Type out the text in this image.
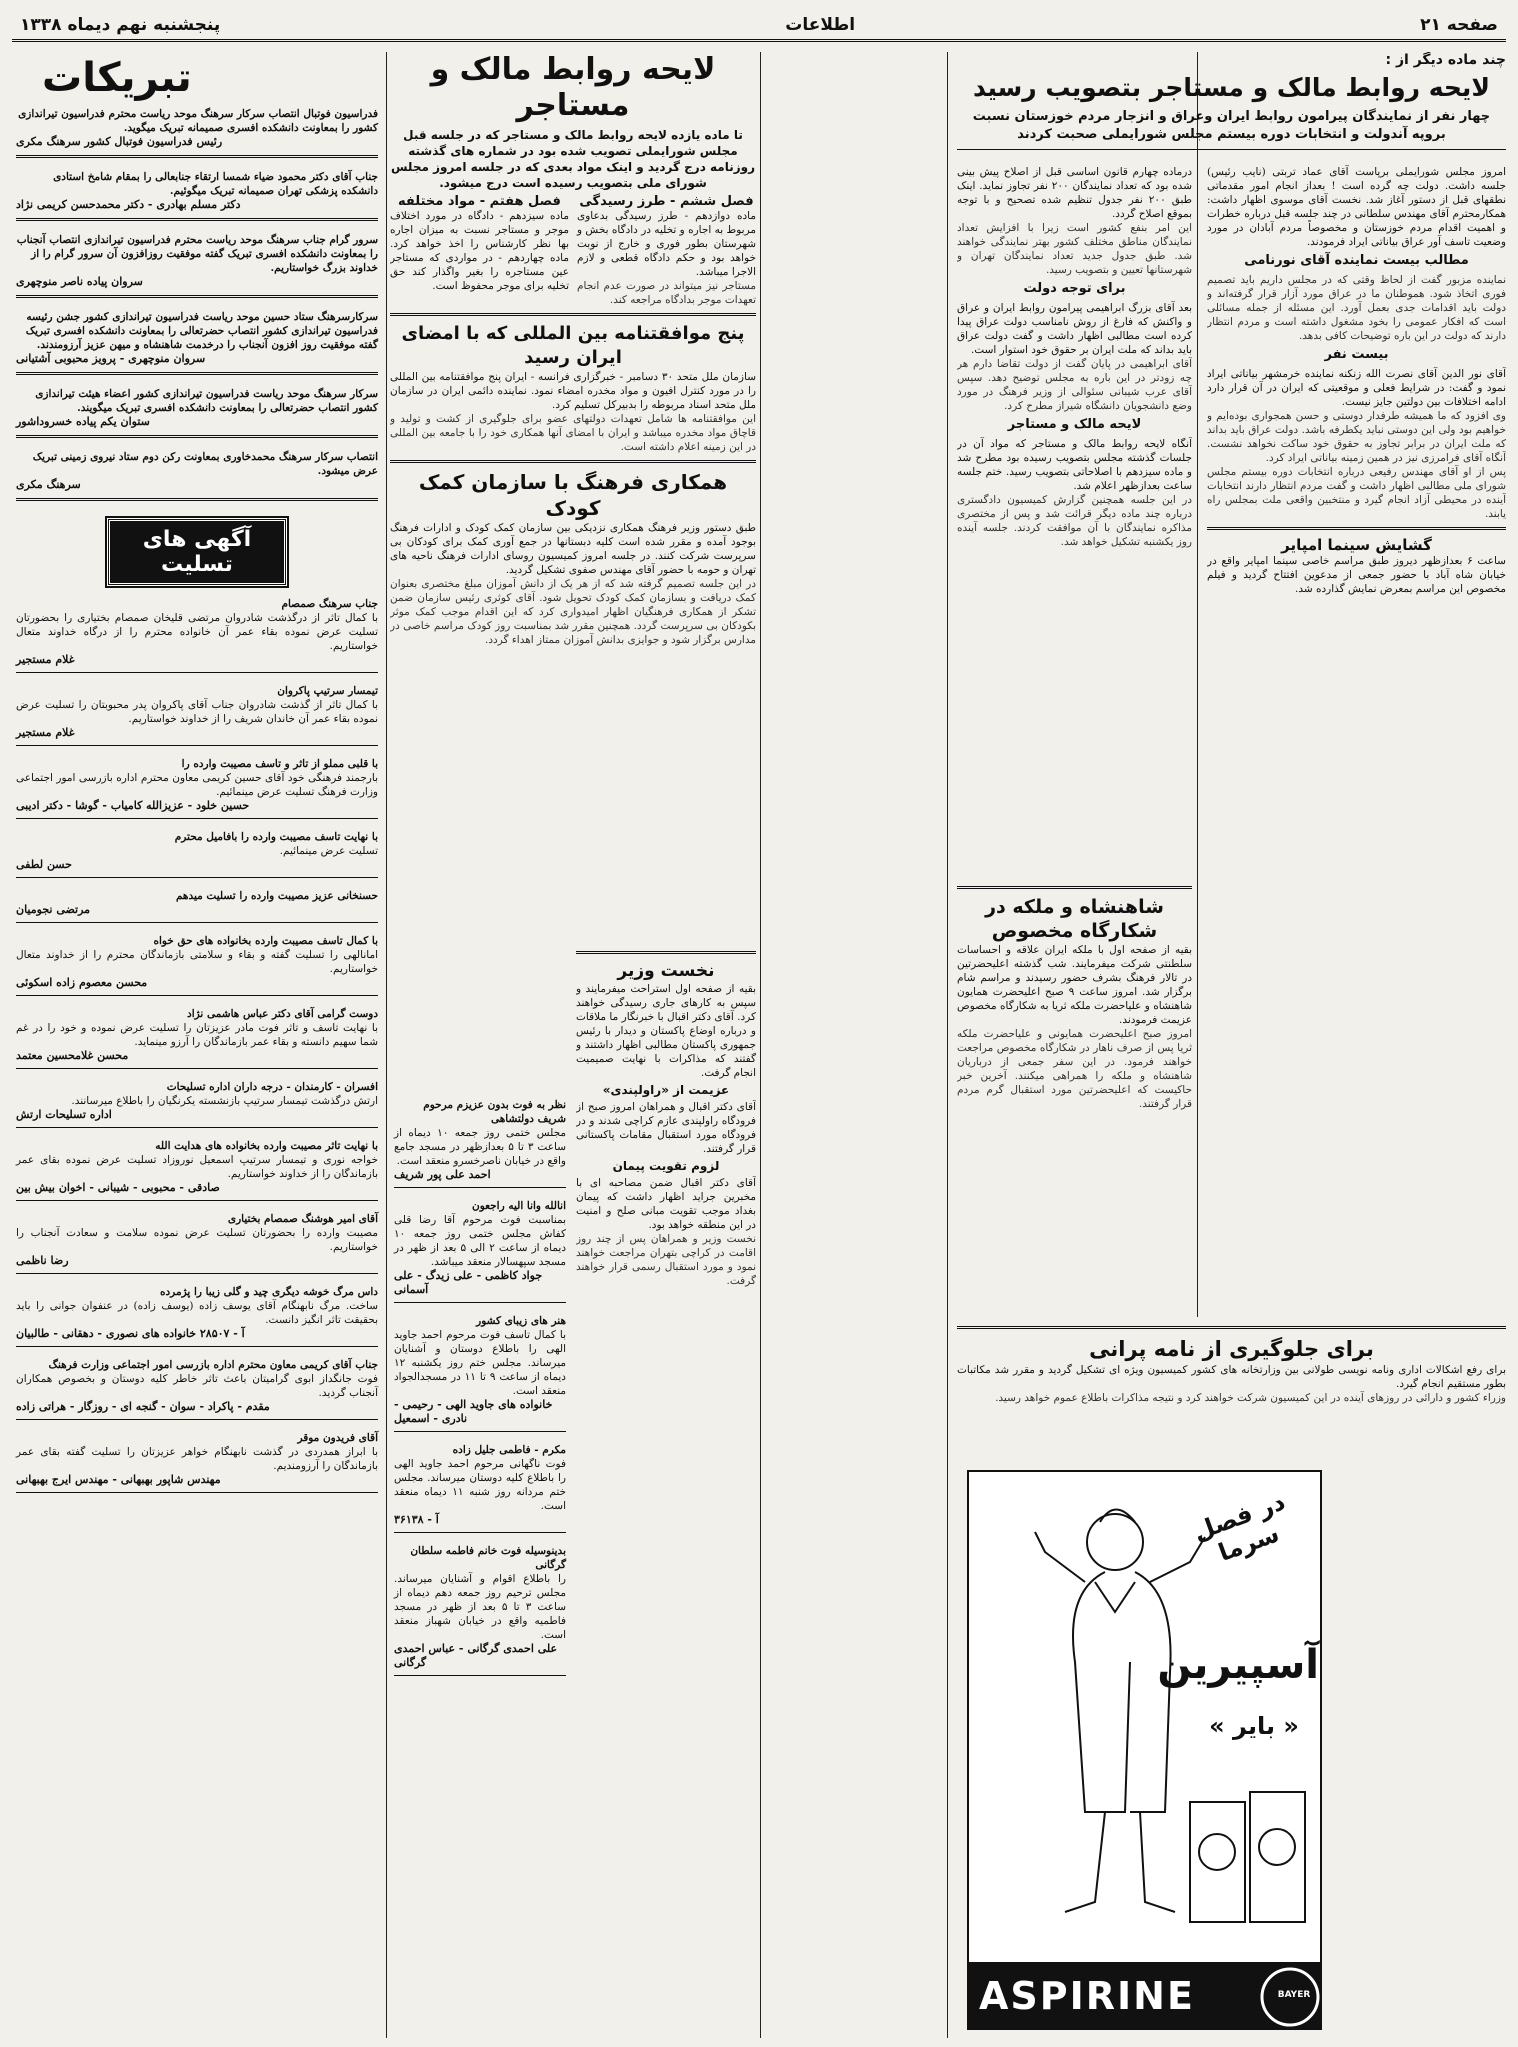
صفحه ۲۱
اطلاعات
پنجشنبه نهم دیماه ۱۳۳۸
چند ماده دیگر از :
لایحه روابط مالک و مستاجر بتصویب رسید
چهار نفر از نمایندگان پیرامون روابط ایران وعراق و انزجار مردم خوزستان نسبت بروپه آندولت و انتخابات دوره بیستم مجلس شورایملی صحبت کردند
امروز مجلس شورایملی برپاست آقای عماد تربتی (نایب رئیس) جلسه داشت. دولت چه گرده است ! بعداز انجام امور مقدماتی نطقهای قبل از دستور آغاز شد. نخست آقای موسوی اظهار داشت: همکارمحترم آقای مهندس سلطانی در چند جلسه قبل درباره خطرات و اهمیت اقدام مردم خوزستان و مخصوصاً مردم آبادان در مورد وضعیت تاسف آور عراق بیاناتی ایراد فرمودند.
مطالب بیست نماینده آقای نورنامی
نماینده مزبور گفت از لحاظ وقتی که در مجلس داریم باید تصمیم فوری اتخاذ شود. هموطنان ما در عراق مورد آزار قرار گرفته‌اند و دولت باید اقدامات جدی بعمل آورد. این مسئله از جمله مسائلی است که افکار عمومی را بخود مشغول داشته است و مردم انتظار دارند که دولت در این باره توضیحات کافی بدهد.
بیست نفر
آقای نور الدین آقای نصرت الله زنکنه نماینده خرمشهر بیاناتی ایراد نمود و گفت: در شرایط فعلی و موقعیتی که ایران در آن قرار دارد ادامه اختلافات بین دولتین جایز نیست.
وی افزود که ما همیشه طرفدار دوستی و حسن همجواری بوده‌ایم و خواهیم بود ولی این دوستی نباید یکطرفه باشد. دولت عراق باید بداند که ملت ایران در برابر تجاوز به حقوق خود ساکت نخواهد نشست. آنگاه آقای فرامرزی نیز در همین زمینه بیاناتی ایراد کرد.
پس از او آقای مهندس رفیعی درباره انتخابات دوره بیستم مجلس شورای ملی مطالبی اظهار داشت و گفت مردم انتظار دارند انتخابات آینده در محیطی آزاد انجام گیرد و منتخبین واقعی ملت بمجلس راه یابند.
گشایش سینما امپایر
ساعت ۶ بعدازظهر دیروز طبق مراسم خاصی سینما امپایر واقع در خیابان شاه آباد با حضور جمعی از مدعوین افتتاح گردید و فیلم مخصوص این مراسم بمعرض نمایش گذارده شد.
درماده چهارم قانون اساسی قبل از اصلاح پیش بینی شده بود که تعداد نمایندگان ۲۰۰ نفر تجاوز نماید. اینک طبق ۲۰۰ نفر جدول تنظیم شده تصحیح و با توجه بموقع اصلاح گردد.
این امر بنفع کشور است زیرا با افزایش تعداد نمایندگان مناطق مختلف کشور بهتر نمایندگی خواهند شد. طبق جدول جدید تعداد نمایندگان تهران و شهرستانها تعیین و بتصویب رسید.
برای توجه دولت
بعد آقای بزرگ ابراهیمی پیرامون روابط ایران و عراق و واکنش که فارغ از روش نامناسب دولت عراق پیدا کرده است مطالبی اظهار داشت و گفت دولت عراق باید بداند که ملت ایران بر حقوق خود استوار است.
آقای ابراهیمی در پایان گفت از دولت تقاضا دارم هر چه زودتر در این باره به مجلس توضیح دهد. سپس آقای عرب شیبانی سئوالی از وزیر فرهنگ در مورد وضع دانشجویان دانشگاه شیراز مطرح کرد.
لایحه مالک و مستاجر
آنگاه لایحه روابط مالک و مستاجر که مواد آن در جلسات گذشته مجلس بتصویب رسیده بود مطرح شد و ماده سیزدهم با اصلاحاتی بتصویب رسید. ختم جلسه ساعت بعدازظهر اعلام شد.
در این جلسه همچنین گزارش کمیسیون دادگستری درباره چند ماده دیگر قرائت شد و پس از مختصری مذاکره نمایندگان با آن موافقت کردند. جلسه آینده روز یکشنبه تشکیل خواهد شد.
شاهنشاه و ملکه در شکارگاه مخصوص
بقیه از صفحه اول با ملکه ایران علاقه و احساسات سلطنتی شرکت میفرمایند. شب گذشته اعلیحضرتین در تالار فرهنگ بشرف حضور رسیدند و مراسم شام برگزار شد. امروز ساعت ۹ صبح اعلیحضرت همایون شاهنشاه و علیاحضرت ملکه ثریا به شکارگاه مخصوص عزیمت فرمودند.
امروز صبح اعلیحضرت همایونی و علیاحضرت ملکه ثریا پس از صرف ناهار در شکارگاه مخصوص مراجعت خواهند فرمود. در این سفر جمعی از درباریان شاهنشاه و ملکه را همراهی میکنند. آخرین خبر حاکیست که اعلیحضرتین مورد استقبال گرم مردم قرار گرفتند.
برای جلوگیری از نامه پرانی
برای رفع اشکالات اداری ونامه نویسی طولانی بین وزارتخانه های کشور کمیسیون ویژه ای تشکیل گردید و مقرر شد مکاتبات بطور مستقیم انجام گیرد.
وزراء کشور و دارائی در روزهای آینده در این کمیسیون شرکت خواهند کرد و نتیجه مذاکرات باطلاع عموم خواهد رسید.
در فصل سرما
آسپیرین
« بایر »
ASPIRINE	BAYER
لایحه روابط مالک و مستاجر
تا ماده یازده لایحه روابط مالک و مستاجر که در جلسه قبل مجلس شورایملی تصویب شده بود در شماره های گذشته روزنامه درج گردید و اینک مواد بعدی که در جلسه امروز مجلس شورای ملی بتصویب رسیده است درج میشود.
فصل ششم - طرز رسیدگی
ماده دوازدهم - طرز رسیدگی بدعاوی مربوط به اجاره و تخلیه در دادگاه بخش و شهرستان بطور فوری و خارج از نوبت خواهد بود و حکم دادگاه قطعی و لازم الاجرا میباشد.
مستاجر نیز میتواند در صورت عدم انجام تعهدات موجر بدادگاه مراجعه کند.
فصل هفتم - مواد مختلفه
ماده سیزدهم - دادگاه در مورد اختلاف موجر و مستاجر نسبت به میزان اجاره بها نظر کارشناس را اخذ خواهد کرد. ماده چهاردهم - در مواردی که مستاجر عین مستاجره را بغیر واگذار کند حق تخلیه برای موجر محفوظ است.
پنج موافقتنامه بین المللی که با امضای ایران رسید
سازمان ملل متحد ۳۰ دسامبر - خبرگزاری فرانسه - ایران پنج موافقتنامه بین المللی را در مورد کنترل افیون و مواد مخدره امضاء نمود. نماینده دائمی ایران در سازمان ملل متحد اسناد مربوطه را بدبیرکل تسلیم کرد.
این موافقتنامه ها شامل تعهدات دولتهای عضو برای جلوگیری از کشت و تولید و قاچاق مواد مخدره میباشد و ایران با امضای آنها همکاری خود را با جامعه بین المللی در این زمینه اعلام داشته است.
همکاری فرهنگ با سازمان کمک کودک
طبق دستور وزیر فرهنگ همکاری نزدیکی بین سازمان کمک کودک و ادارات فرهنگ بوجود آمده و مقرر شده است کلیه دبستانها در جمع آوری کمک برای کودکان بی سرپرست شرکت کنند. در جلسه امروز کمیسیون روسای ادارات فرهنگ ناحیه های تهران و حومه با حضور آقای مهندس صفوی تشکیل گردید.
در این جلسه تصمیم گرفته شد که از هر یک از دانش آموزان مبلغ مختصری بعنوان کمک دریافت و بسازمان کمک کودک تحویل شود. آقای کوثری رئیس سازمان ضمن تشکر از همکاری فرهنگیان اظهار امیدواری کرد که این اقدام موجب کمک موثر بکودکان بی سرپرست گردد. همچنین مقرر شد بمناسبت روز کودک مراسم خاصی در مدارس برگزار شود و جوایزی بدانش آموزان ممتاز اهداء گردد.
نخست وزیر
بقیه از صفحه اول استراحت میفرمایند و سپس به کارهای جاری رسیدگی خواهند کرد. آقای دکتر اقبال با خبرنگار ما ملاقات و درباره اوضاع پاکستان و دیدار با رئیس جمهوری پاکستان مطالبی اظهار داشتند و گفتند که مذاکرات با نهایت صمیمیت انجام گرفت.
عزیمت از «راولپندی»
آقای دکتر اقبال و همراهان امروز صبح از فرودگاه راولپندی عازم کراچی شدند و در فرودگاه مورد استقبال مقامات پاکستانی قرار گرفتند.
لزوم تقویت پیمان
آقای دکتر اقبال ضمن مصاحبه ای با مخبرین جراید اظهار داشت که پیمان بغداد موجب تقویت مبانی صلح و امنیت در این منطقه خواهد بود.
نخست وزیر و همراهان پس از چند روز اقامت در کراچی بتهران مراجعت خواهند نمود و مورد استقبال رسمی قرار خواهند گرفت.
نظر به فوت بدون عزیزم مرحوم شریف دولتشاهی
مجلس ختمی روز جمعه ۱۰ دیماه از ساعت ۳ تا ۵ بعدازظهر در مسجد جامع واقع در خیابان ناصرخسرو منعقد است.
احمد علی پور شریف
انالله وانا الیه راجعون
بمناسبت فوت مرحوم آقا رضا قلی کفاش مجلس ختمی روز جمعه ۱۰ دیماه از ساعت ۲ الی ۵ بعد از ظهر در مسجد سپهسالار منعقد میباشد.
جواد کاظمی - علی زیدگ - علی آسمانی
هنر های زیبای کشور
با کمال تاسف فوت مرحوم احمد جاوید الهی را باطلاع دوستان و آشنایان میرساند. مجلس ختم روز یکشنبه ۱۲ دیماه از ساعت ۹ تا ۱۱ در مسجدالجواد منعقد است.
خانواده های جاوید الهی - رحیمی - نادری - اسمعیل
مکرم - فاطمی جلیل زاده
فوت ناگهانی مرحوم احمد جاوید الهی را باطلاع کلیه دوستان میرساند. مجلس ختم مردانه روز شنبه ۱۱ دیماه منعقد است.
آ - ۳۶۱۳۸
بدینوسیله فوت خانم فاطمه سلطان گرگانی
را باطلاع اقوام و آشنایان میرساند. مجلس ترحیم روز جمعه دهم دیماه از ساعت ۳ تا ۵ بعد از ظهر در مسجد فاطمیه واقع در خیابان شهباز منعقد است.
علی احمدی گرگانی - عباس احمدی گرگانی
تبریکات
فدراسیون فوتبال انتصاب سرکار سرهنگ موحد ریاست محترم فدراسیون تیراندازی کشور را بمعاونت دانشکده افسری صمیمانه تبریک میگوید.
رئیس فدراسیون فوتبال کشور سرهنگ مکری
جناب آقای دکتر محمود ضیاء شمسا ارتقاء جنابعالی را بمقام شامخ استادی دانشکده پزشکی تهران صمیمانه تبریک میگوئیم.
دکتر مسلم بهادری - دکتر محمدحسن کریمی نژاد
سرور گرام جناب سرهنگ موحد ریاست محترم فدراسیون تیراندازی انتصاب آنجناب را بمعاونت دانشکده افسری تبریک گفته موفقیت روزافزون آن سرور گرام را از خداوند بزرگ خواستاریم.
سروان پیاده ناصر منوچهری
سرکارسرهنگ ستاد حسین موحد ریاست فدراسیون تیراندازی کشور جشن رئیسه فدراسیون تیراندازی کشور انتصاب حضرتعالی را بمعاونت دانشکده افسری تبریک گفته موفقیت روز افزون آنجناب را درخدمت شاهنشاه و میهن عزیز آرزومندند.
سروان منوچهری - پرویز محبوبی آشتیانی
سرکار سرهنگ موحد ریاست فدراسیون تیراندازی کشور اعضاء هیئت تیراندازی کشور انتصاب حضرتعالی را بمعاونت دانشکده افسری تبریک میگویند.
ستوان یکم پیاده خسروداشور
انتصاب سرکار سرهنگ محمدخاوری بمعاونت رکن دوم ستاد نیروی زمینی تبریک عرض میشود.
سرهنگ مکری
آگهی های تسلیت
جناب سرهنگ صمصام
با کمال تاثر از درگذشت شادروان مرتضی قلیخان صمصام بختیاری را بحضورتان تسلیت عرض نموده بقاء عمر آن خانواده محترم را از درگاه خداوند متعال خواستاریم.
غلام مستجیر
تیمسار سرتیپ پاکروان
با کمال تاثر از گذشت شادروان جناب آقای پاکروان پدر محبوبتان را تسلیت عرض نموده بقاء عمر آن خاندان شریف را از خداوند خواستاریم.
غلام مستجیر
با قلبی مملو از تاثر و تاسف مصیبت وارده را
بارجمند فرهنگی خود آقای حسین کریمی معاون محترم اداره بازرسی امور اجتماعی وزارت فرهنگ تسلیت عرض مینمائیم.
حسین خلود - عزیزالله کامیاب - گوشا - دکتر ادیبی
با نهایت تاسف مصیبت وارده را بافامیل محترم
تسلیت عرض مینمائیم.
حسن لطفی
حسنخانی عزیز مصیبت وارده را تسلیت میدهم
مرتضی نجومیان
با کمال تاسف مصیبت وارده بخانواده های حق خواه
امانالهی را تسلیت گفته و بقاء و سلامتی بازماندگان محترم را از خداوند متعال خواستاریم.
محسن معصوم زاده اسکوئی
دوست گرامی آقای دکتر عباس هاشمی نژاد
با نهایت تاسف و تاثر فوت مادر عزیزتان را تسلیت عرض نموده و خود را در غم شما سهیم دانسته و بقاء عمر بازماندگان را آرزو مینماید.
محسن غلامحسین معتمد
افسران - کارمندان - درجه داران اداره تسلیحات
ارتش درگذشت تیمسار سرتیپ بازنشسته یکرنگیان را باطلاع میرسانند.
اداره تسلیحات ارتش
با نهایت تاثر مصیبت وارده بخانواده های هدایت الله
خواجه نوری و تیمسار سرتیپ اسمعیل نوروزاد تسلیت عرض نموده بقای عمر بازماندگان را از خداوند خواستاریم.
صادقی - محبوبی - شیبانی - اخوان بیش بین
آقای امیر هوشنگ صمصام بختیاری
مصیبت وارده را بحضورتان تسلیت عرض نموده سلامت و سعادت آنجناب را خواستاریم.
رضا ناظمی
داس مرگ خوشه دیگری چید و گلی زیبا را پژمرده
ساخت. مرگ نابهنگام آقای یوسف زاده (یوسف زاده) در عنفوان جوانی را باید بحقیقت تاثر انگیز دانست.
آ - ۲۸۵۰۷ خانواده های نصوری - دهقانی - طالبیان
جناب آقای کریمی معاون محترم اداره بازرسی امور اجتماعی وزارت فرهنگ
فوت جانگداز ابوی گرامیتان باعث تاثر خاطر کلیه دوستان و بخصوص همکاران آنجناب گردید.
مقدم - پاکراد - سوان - گنجه ای - روزگار - هراتی زاده
آقای فریدون موقر
با ابراز همدردی در گذشت نابهنگام خواهر عزیزتان را تسلیت گفته بقای عمر بازماندگان را آرزومندیم.
مهندس شاپور بهبهانی - مهندس ایرج بهبهانی
